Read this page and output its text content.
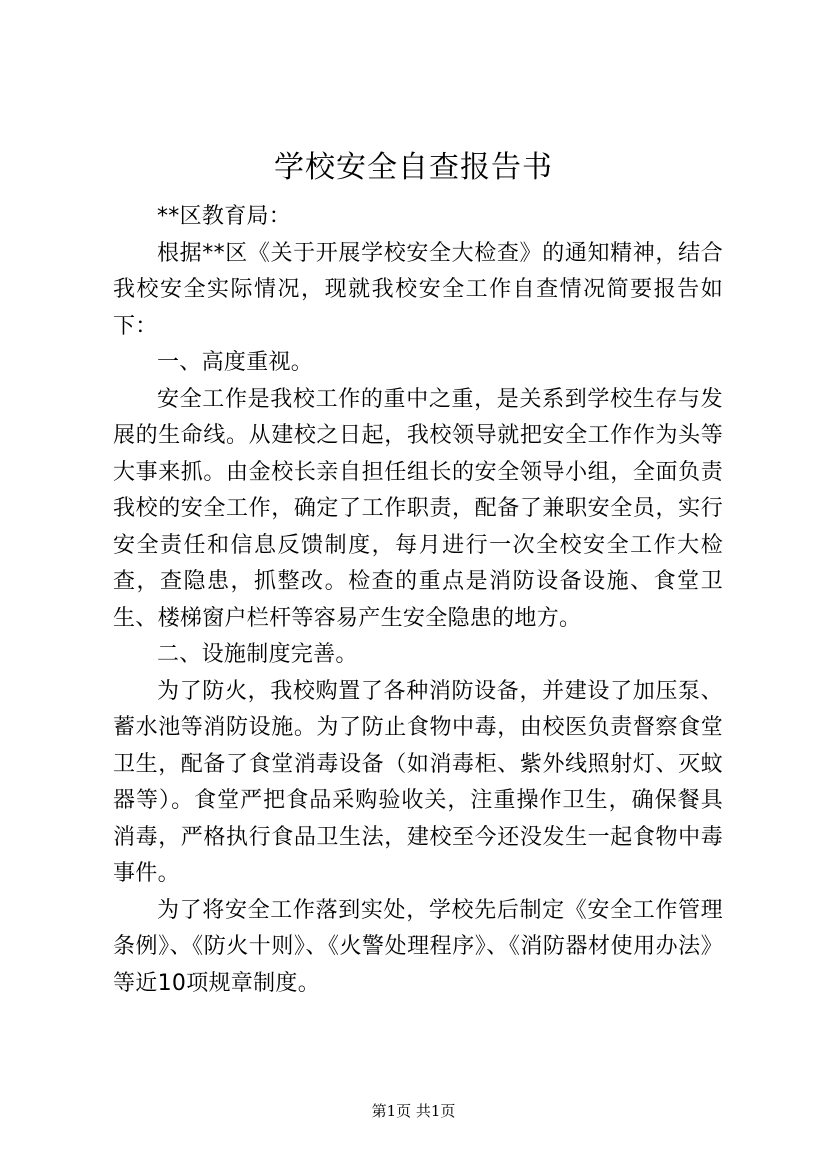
学校安全自查报告书

**区教育局：

根据**区《关于开展学校安全大检查》的通知精神，结合我校安全实际情况，现就我校安全工作自查情况简要报告如下：

一、高度重视。

安全工作是我校工作的重中之重，是关系到学校生存与发展的生命线。从建校之日起，我校领导就把安全工作作为头等大事来抓。由金校长亲自担任组长的安全领导小组，全面负责我校的安全工作，确定了工作职责，配备了兼职安全员，实行安全责任和信息反馈制度，每月进行一次全校安全工作大检查，查隐患，抓整改。检查的重点是消防设备设施、食堂卫生、楼梯窗户栏杆等容易产生安全隐患的地方。

二、设施制度完善。

为了防火，我校购置了各种消防设备，并建设了加压泵、蓄水池等消防设施。为了防止食物中毒，由校医负责督察食堂卫生，配备了食堂消毒设备（如消毒柜、紫外线照射灯、灭蚊器等）。食堂严把食品采购验收关，注重操作卫生，确保餐具消毒，严格执行食品卫生法，建校至今还没发生一起食物中毒事件。

为了将安全工作落到实处，学校先后制定《安全工作管理条例》、《防火十则》、《火警处理程序》、《消防器材使用办法》等近10项规章制度。

第1页 共1页
